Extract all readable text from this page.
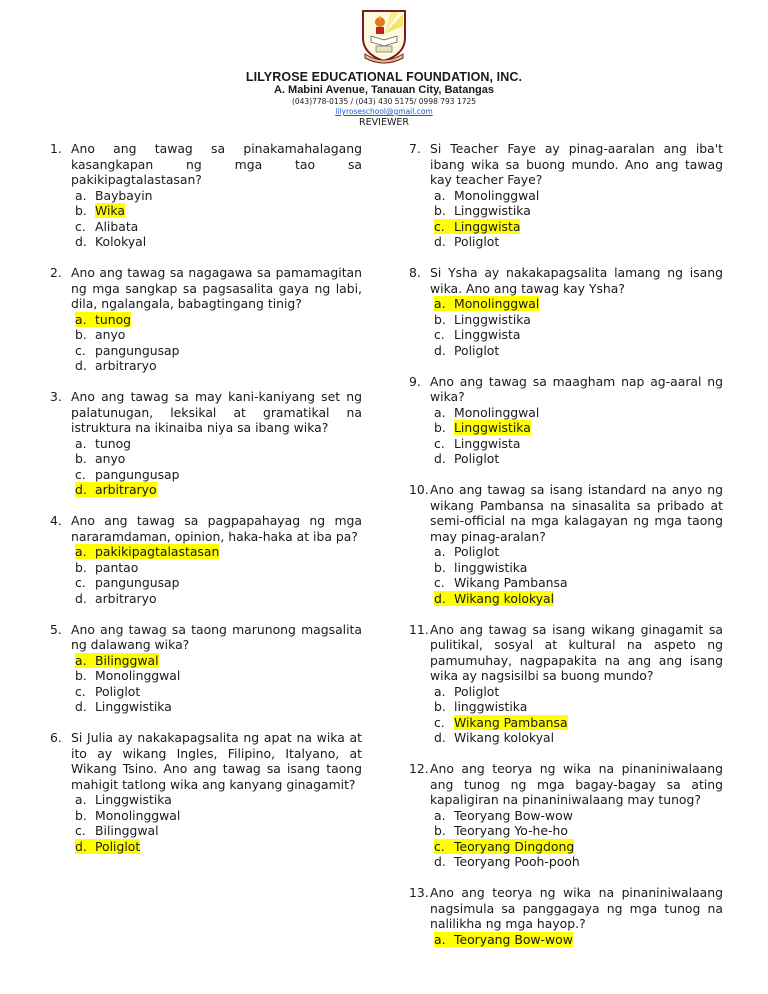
LILYROSE EDUCATIONAL FOUNDATION, INC.
A. Mabini Avenue, Tanauan City, Batangas
(043)778-0135 / (043) 430 5175/ 0998 793 1725
lilyroseschool@gmail.com
REVIEWER
1. Ano ang tawag sa pinakamahalagang kasangkapan ng mga tao sa pakikipagtalastasan?
a. Baybayin
b. Wika
c. Alibata
d. Kolokyal
2. Ano ang tawag sa nagagawa sa pamamagitan ng mga sangkap sa pagsasalita gaya ng labi, dila, ngalangala, babagtingang tinig?
a. tunog
b. anyo
c. pangungusap
d. arbitraryo
3. Ano ang tawag sa may kani-kaniyang set ng palatunugan, leksikal at gramatikal na istruktura na ikinaiba niya sa ibang wika?
a. tunog
b. anyo
c. pangungusap
d. arbitraryo
4. Ano ang tawag sa pagpapahayag ng mga nararamdaman, opinion, haka-haka at iba pa?
a. pakikipagtalastasan
b. pantao
c. pangungusap
d. arbitraryo
5. Ano ang tawag sa taong marunong magsalita ng dalawang wika?
a. Bilinggwal
b. Monolinggwal
c. Poliglot
d. Linggwistika
6. Si Julia ay nakakapagsalita ng apat na wika at ito ay wikang Ingles, Filipino, Italyano, at Wikang Tsino. Ano ang tawag sa isang taong mahigit tatlong wika ang kanyang ginagamit?
a. Linggwistika
b. Monolinggwal
c. Bilinggwal
d. Poliglot
7. Si Teacher Faye ay pinag-aaralan ang iba't ibang wika sa buong mundo. Ano ang tawag kay teacher Faye?
a. Monolinggwal
b. Linggwistika
c. Linggwista
d. Poliglot
8. Si Ysha ay nakakapagsalita lamang ng isang wika. Ano ang tawag kay Ysha?
a. Monolinggwal
b. Linggwistika
c. Linggwista
d. Poliglot
9. Ano ang tawag sa maagham nap ag-aaral ng wika?
a. Monolinggwal
b. Linggwistika
c. Linggwista
d. Poliglot
10. Ano ang tawag sa isang istandard na anyo ng wikang Pambansa na sinasalita sa pribado at semi-official na mga kalagayan ng mga taong may pinag-aralan?
a. Poliglot
b. linggwistika
c. Wikang Pambansa
d. Wikang kolokyal
11. Ano ang tawag sa isang wikang ginagamit sa pulitikal, sosyal at kultural na aspeto ng pamumuhay, nagpapakita na ang ang isang wika ay nagsisilbi sa buong mundo?
a. Poliglot
b. linggwistika
c. Wikang Pambansa
d. Wikang kolokyal
12. Ano ang teorya ng wika na pinaniniwalaang ang tunog ng mga bagay-bagay sa ating kapaligiran na pinaniniwalaang may tunog?
a. Teoryang Bow-wow
b. Teoryang Yo-he-ho
c. Teoryang Dingdong
d. Teoryang Pooh-pooh
13. Ano ang teorya ng wika na pinaniniwalaang nagsimula sa panggagaya ng mga tunog na nalilikha ng mga hayop.?
a. Teoryang Bow-wow
